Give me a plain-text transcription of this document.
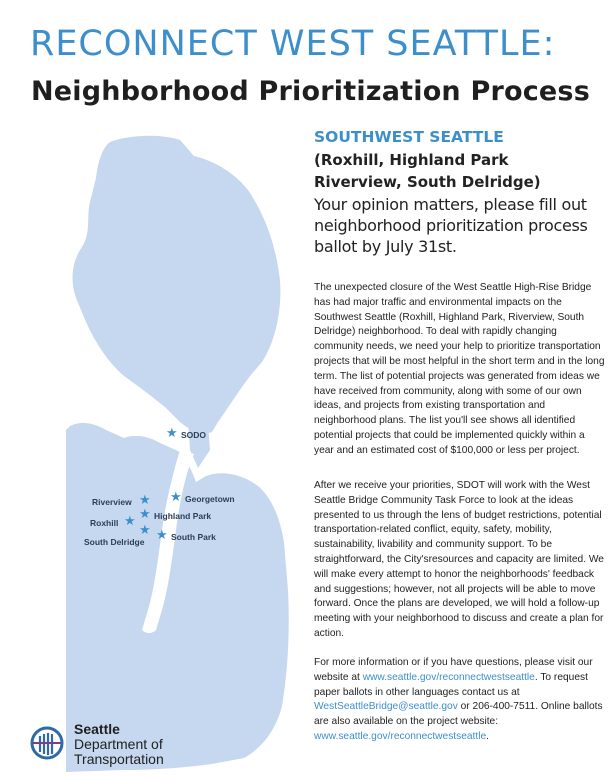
RECONNECT WEST SEATTLE:
Neighborhood Prioritization Process
★ SODO
★ Georgetown
★
Riverview
★ Highland Park
★
Roxhill
★ South Park
★
South Delridge

SOUTHWEST SEATTLE

(Roxhill, Highland Park
Riverview, South Delridge)

Your opinion matters, please fill out neighborhood prioritization process ballot by July 31st.

The unexpected closure of the West Seattle High-Rise Bridge has had major traffic and environmental impacts on the Southwest Seattle (Roxhill, Highland Park, Riverview, South Delridge) neighborhood. To deal with rapidly changing community needs, we need your help to prioritize transportation projects that will be most helpful in the short term and in the long term. The list of potential projects was generated from ideas we have received from community, along with some of our own ideas, and projects from existing transportation and neighborhood plans. The list you'll see shows all identified potential projects that could be implemented quickly within a year and an estimated cost of $100,000 or less per project.

After we receive your priorities, SDOT will work with the West Seattle Bridge Community Task Force to look at the ideas presented to us through the lens of budget restrictions, potential transportation-related conflict, equity, safety, mobility, sustainability, livability and community support. To be straightforward, the City'sresources and capacity are limited. We will make every attempt to honor the neighborhoods' feedback and suggestions; however, not all projects will be able to move forward. Once the plans are developed, we will hold a follow-up meeting with your neighborhood to discuss and create a plan for action.

For more information or if you have questions, please visit our website at www.seattle.gov/reconnectwestseattle. To request paper ballots in other languages contact us at WestSeattleBridge@seattle.gov or 206-400-7511. Online ballots are also available on the project website: www.seattle.gov/reconnectwestseattle.

Seattle
Department of
Transportation
